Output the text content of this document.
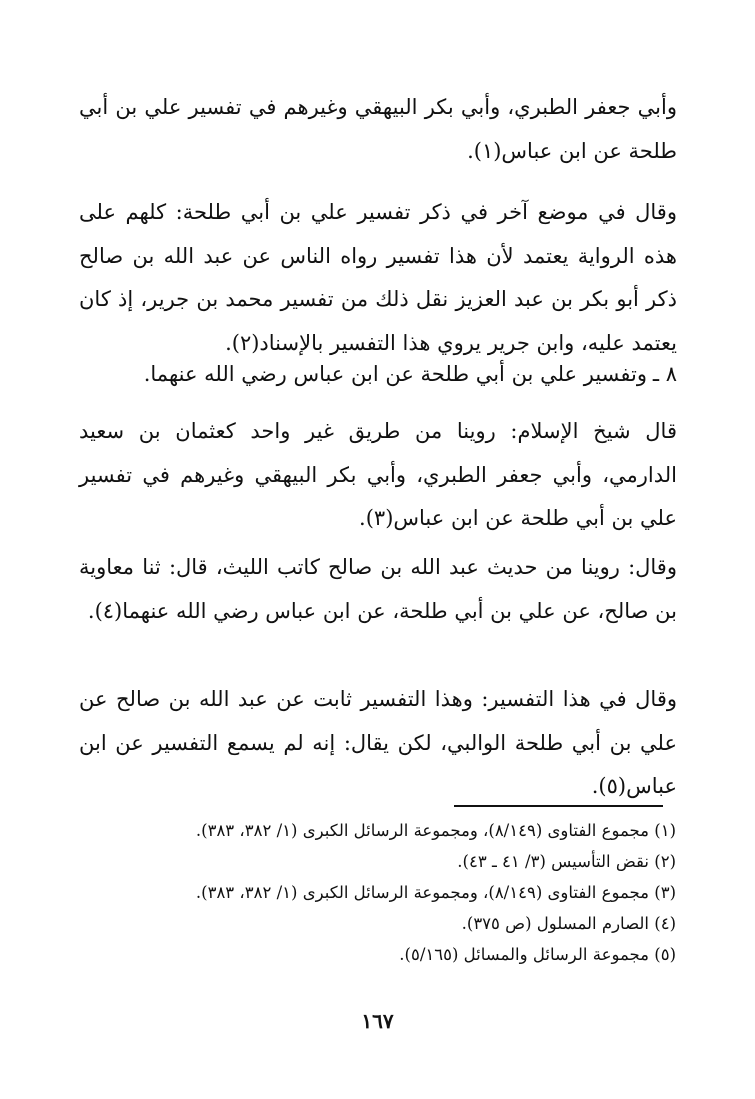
وأبي جعفر الطبري، وأبي بكر البيهقي وغيرهم في تفسير علي بن أبي طلحة عن ابن عباس(١).

وقال في موضع آخر في ذكر تفسير علي بن أبي طلحة: كلهم على هذه الرواية يعتمد لأن هذا تفسير رواه الناس عن عبد الله بن صالح ذكر أبو بكر بن عبد العزيز نقل ذلك من تفسير محمد بن جرير، إذ كان يعتمد عليه، وابن جرير يروي هذا التفسير بالإسناد(٢).

٨ ـ

وتفسير علي بن أبي طلحة عن ابن عباس رضي الله عنهما.

قال شيخ الإسلام: روينا من طريق غير واحد كعثمان بن سعيد الدارمي، وأبي جعفر الطبري، وأبي بكر البيهقي وغيرهم في تفسير علي بن أبي طلحة عن ابن عباس(٣).

وقال: روينا من حديث عبد الله بن صالح كاتب الليث، قال: ثنا معاوية بن صالح، عن علي بن أبي طلحة، عن ابن عباس رضي الله عنهما(٤).

وقال في هذا التفسير: وهذا التفسير ثابت عن عبد الله بن صالح عن علي بن أبي طلحة الوالبي، لكن يقال: إنه لم يسمع التفسير عن ابن عباس(٥).

(١) مجموع الفتاوى (٨/١٤٩)، ومجموعة الرسائل الكبرى (١/ ٣٨٢، ٣٨٣).
(٢) نقض التأسيس (٣/ ٤١ ـ ٤٣).
(٣) مجموع الفتاوى (٨/١٤٩)، ومجموعة الرسائل الكبرى (١/ ٣٨٢، ٣٨٣).
(٤) الصارم المسلول (ص ٣٧٥).
(٥) مجموعة الرسائل والمسائل (٥/١٦٥).
١٦٧
